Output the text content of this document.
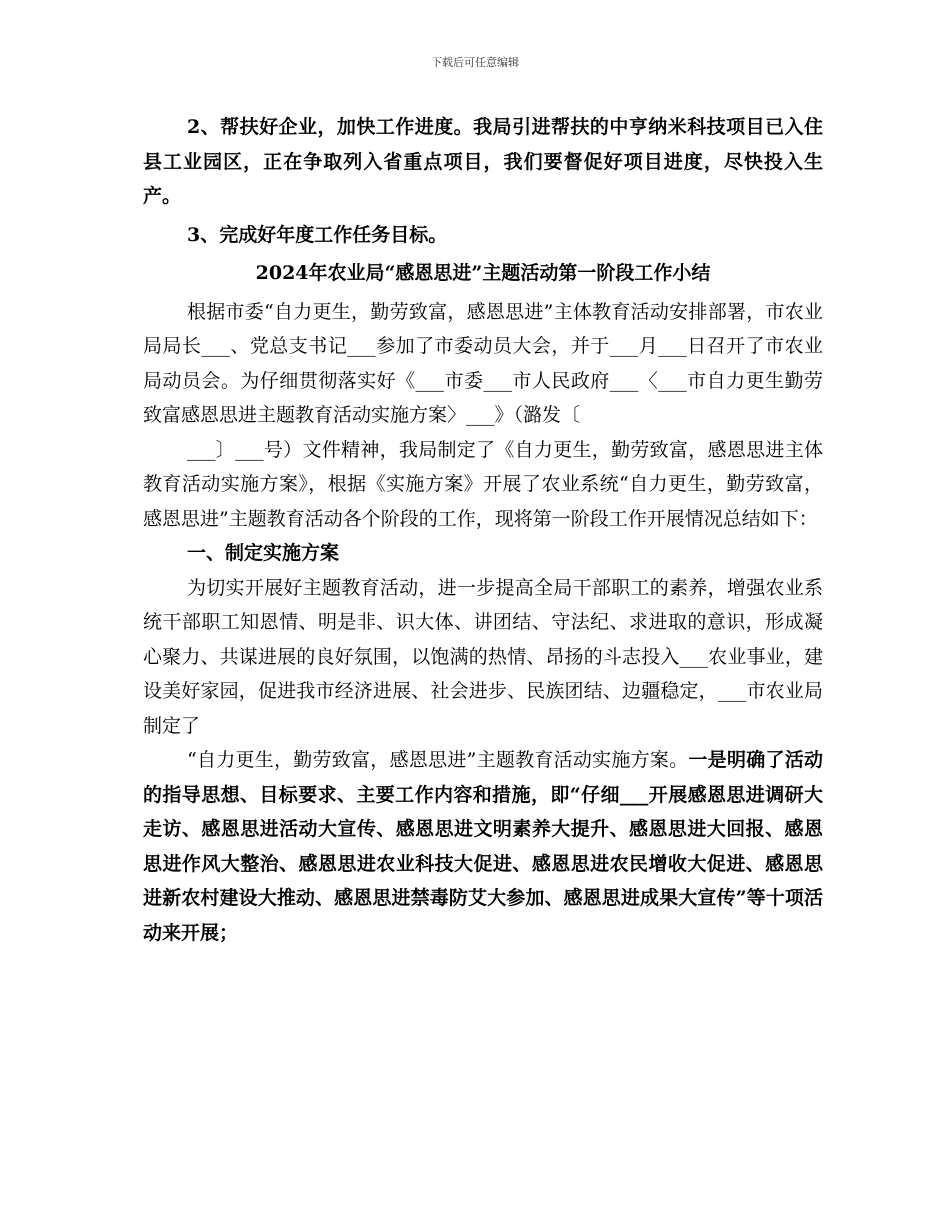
下载后可任意编辑

2、帮扶好企业，加快工作进度。我局引进帮扶的中亨纳米科技项目已入住县工业园区，正在争取列入省重点项目，我们要督促好项目进度，尽快投入生产。

3、完成好年度工作任务目标。

2024年农业局“感恩思进”主题活动第一阶段工作小结

根据市委“自力更生，勤劳致富，感恩思进”主体教育活动安排部署，市农业局局长___、党总支书记___参加了市委动员大会，并于___月___日召开了市农业局动员会。为仔细贯彻落实好《___市委___市人民政府___〈___市自力更生勤劳致富感恩思进主题教育活动实施方案〉___》（潞发〔

___〕___号）文件精神，我局制定了《自力更生，勤劳致富，感恩思进主体教育活动实施方案》，根据《实施方案》开展了农业系统“自力更生，勤劳致富，感恩思进”主题教育活动各个阶段的工作，现将第一阶段工作开展情况总结如下：

一、制定实施方案

为切实开展好主题教育活动，进一步提高全局干部职工的素养，增强农业系统干部职工知恩情、明是非、识大体、讲团结、守法纪、求进取的意识，形成凝心聚力、共谋进展的良好氛围，以饱满的热情、昂扬的斗志投入___农业事业，建设美好家园，促进我市经济进展、社会进步、民族团结、边疆稳定，___市农业局制定了

“自力更生，勤劳致富，感恩思进”主题教育活动实施方案。一是明确了活动的指导思想、目标要求、主要工作内容和措施，即“仔细___开展感恩思进调研大走访、感恩思进活动大宣传、感恩思进文明素养大提升、感恩思进大回报、感恩思进作风大整治、感恩思进农业科技大促进、感恩思进农民增收大促进、感恩思进新农村建设大推动、感恩思进禁毒防艾大参加、感恩思进成果大宣传”等十项活动来开展；
